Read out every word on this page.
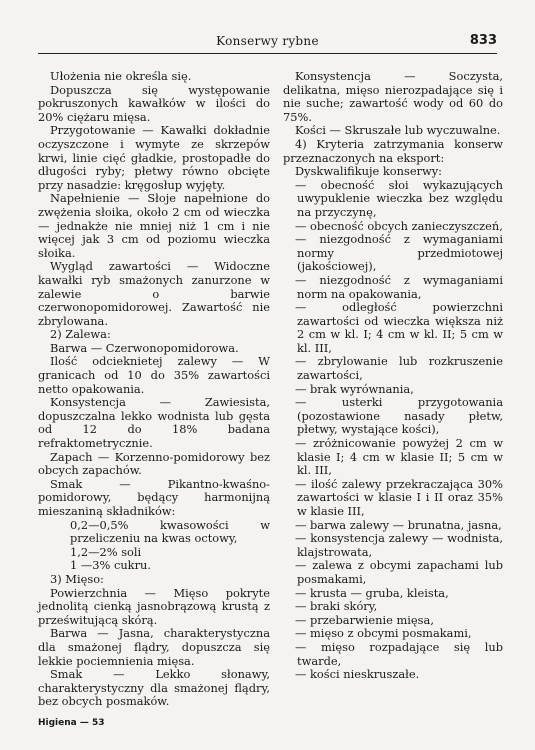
Konserwy rybne	833

Ułożenia nie określa się.

Dopuszcza się występowanie pokruszonych kawałków w ilości do 20% ciężaru mięsa.

Przygotowanie — Kawałki dokładnie oczyszczone i wymyte ze skrzepów krwi, linie cięć gładkie, prostopadłe do długości ryby; płetwy równo obcięte przy nasadzie: kręgosłup wyjęty.

Napełnienie — Słoje napełnione do zwężenia słoika, około 2 cm od wieczka — jednakże nie mniej niż 1 cm i nie więcej jak 3 cm od poziomu wieczka słoika.

Wygląd zawartości — Widoczne kawałki ryb smażonych zanurzone w zalewie o barwie czerwonopomidorowej. Zawartość nie zbrylowana.

2) Zalewa:

Barwa — Czerwonopomidorowa.

Ilość odcieknietej zalewy — W granicach od 10 do 35% zawartości netto opakowania.

Konsystencja — Zawiesista, dopuszczalna lekko wodnista lub gęsta od 12 do 18% badana refraktometrycznie.

Zapach — Korzenno-pomidorowy bez obcych zapachów.

Smak — Pikantno-kwaśno-pomidorowy, będący harmonijną mieszaniną składników:

0,2—0,5% kwasowości w przeliczeniu na kwas octowy,

1,2—2% soli

1 —3% cukru.

3) Mięso:

Powierzchnia — Mięso pokryte jednolitą cienką jasnobrązową krustą z prześwitującą skórą.

Barwa — Jasna, charakterystyczna dla smażonej flądry, dopuszcza się lekkie pociemnienia mięsa.

Smak — Lekko słonawy, charakterystyczny dla smażonej flądry, bez obcych posmaków.

Konsystencja — Soczysta, delikatna, mięso nierozpadające się i nie suche; zawartość wody od 60 do 75%.

Kości — Skruszałe lub wyczuwalne.

4) Kryteria zatrzymania konserw przeznaczonych na eksport:

Dyskwalifikuje konserwy:

— obecność słoi wykazujących uwypuklenie wieczka bez względu na przyczynę,

— obecność obcych zanieczyszczeń,

— niezgodność z wymaganiami normy przedmiotowej (jakościowej),

— niezgodność z wymaganiami norm na opakowania,

— odległość powierzchni zawartości od wieczka większa niż 2 cm w kl. I; 4 cm w kl. II; 5 cm w kl. III,

— zbrylowanie lub rozkruszenie zawartości,

— brak wyrównania,

— usterki przygotowania (pozostawione nasady płetw, płetwy, wystające kości),

— zróżnicowanie powyżej 2 cm w klasie I; 4 cm w klasie II; 5 cm w kl. III,

— ilość zalewy przekraczająca 30% zawartości w klasie I i II oraz 35% w klasie III,

— barwa zalewy — brunatna, jasna,

— konsystencja zalewy — wodnista, klajstrowata,

— zalewa z obcymi zapachami lub posmakami,

— krusta — gruba, kleista,

— braki skóry,

— przebarwienie mięsa,

— mięso z obcymi posmakami,

— mięso rozpadające się lub twarde,

— kości nieskruszałe.

Higiena — 53
